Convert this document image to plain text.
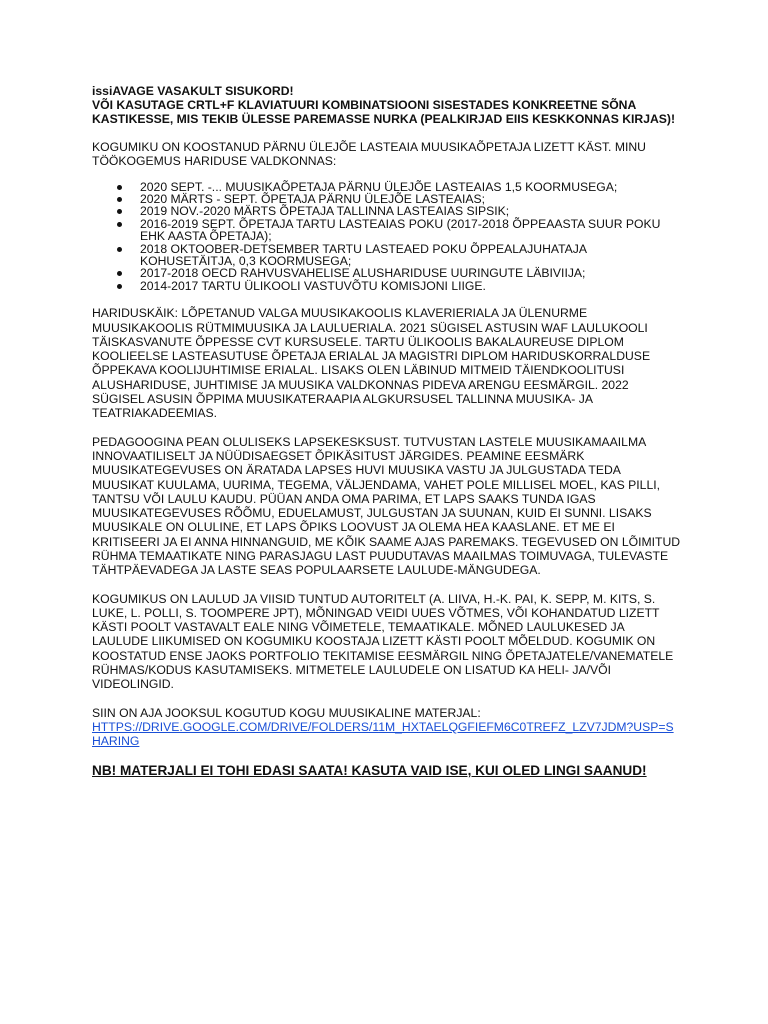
issiAVAGE VASAKULT SISUKORD!

VÕI KASUTAGE CRTL+F KLAVIATUURI KOMBINATSIOONI SISESTADES KONKREETNE SÕNA KASTIKESSE, MIS TEKIB ÜLESSE PAREMASSE NURKA (PEALKIRJAD EIIS KESKKONNAS KIRJAS)!

KOGUMIKU ON KOOSTANUD PÄRNU ÜLEJÕE LASTEAIA MUUSIKAÕPETAJA LIZETT KÄST. MINU TÖÖKOGEMUS HARIDUSE VALDKONNAS:

2020 SEPT. -... MUUSIKAÕPETAJA PÄRNU ÜLEJÕE LASTEAIAS 1,5 KOORMUSEGA;
2020 MÄRTS - SEPT. ÕPETAJA PÄRNU ÜLEJÕE LASTEAIAS;
2019 NOV.-2020 MÄRTS ÕPETAJA TALLINNA LASTEAIAS SIPSIK;
2016-2019 SEPT. ÕPETAJA TARTU LASTEAIAS POKU (2017-2018 ÕPPEAASTA SUUR POKU EHK AASTA ÕPETAJA);
2018 OKTOOBER-DETSEMBER TARTU LASTEAED POKU ÕPPEALAJUHATAJA KOHUSETÄITJA, 0,3 KOORMUSEGA;
2017-2018 OECD RAHVUSVAHELISE ALUSHARIDUSE UURINGUTE LÄBIVIIJA;
2014-2017 TARTU ÜLIKOOLI VASTUVÕTU KOMISJONI LIIGE.

HARIDUSKÄIK: LÕPETANUD VALGA MUUSIKAKOOLIS KLAVERIERIALA JA ÜLENURME MUUSIKAKOOLIS RÜTMIMUUSIKA JA LAULUERIALA. 2021 SÜGISEL ASTUSIN WAF LAULUKOOLI TÄISKASVANUTE ÕPPESSE CVT KURSUSELE. TARTU ÜLIKOOLIS BAKALAUREUSE DIPLOM KOOLIEELSE LASTEASUTUSE ÕPETAJA ERIALAL JA MAGISTRI DIPLOM HARIDUSKORRALDUSE ÕPPEKAVA KOOLIJUHTIMISE ERIALAL. LISAKS OLEN LÄBINUD MITMEID TÄIENDKOOLITUSI ALUSHARIDUSE, JUHTIMISE JA MUUSIKA VALDKONNAS PIDEVA ARENGU EESMÄRGIL. 2022 SÜGISEL ASUSIN ÕPPIMA MUUSIKATERAAPIA ALGKURSUSEL TALLINNA MUUSIKA- JA TEATRIAKADEEMIAS.

PEDAGOOGINA PEAN OLULISEKS LAPSEKESKSUST. TUTVUSTAN LASTELE MUUSIKAMAAILMA INNOVAATILISELT JA NÜÜDISAEGSET ÕPIKÄSITUST JÄRGIDES. PEAMINE EESMÄRK MUUSIKATEGEVUSES ON ÄRATADA LAPSES HUVI MUUSIKA VASTU JA JULGUSTADA TEDA MUUSIKAT KUULAMA, UURIMA, TEGEMA, VÄLJENDAMA, VAHET POLE MILLISEL MOEL, KAS PILLI, TANTSU VÕI LAULU KAUDU. PÜÜAN ANDA OMA PARIMA, ET LAPS SAAKS TUNDA IGAS MUUSIKATEGEVUSES RÕÕMU, EDUELAMUST, JULGUSTAN JA SUUNAN, KUID EI SUNNI. LISAKS MUUSIKALE ON OLULINE, ET LAPS ÕPIKS LOOVUST JA OLEMA HEA KAASLANE. ET ME EI KRITISEERI JA EI ANNA HINNANGUID, ME KÕIK SAAME AJAS PAREMAKS. TEGEVUSED ON LÕIMITUD RÜHMA TEMAATIKATE NING PARASJAGU LAST PUUDUTAVAS MAAILMAS TOIMUVAGA, TULEVASTE TÄHTPÄEVADEGA JA LASTE SEAS POPULAARSETE LAULUDE-MÄNGUDEGA.

KOGUMIKUS ON LAULUD JA VIISID TUNTUD AUTORITELT (A. LIIVA, H.-K. PAI, K. SEPP, M. KITS, S. LUKE, L. POLLI, S. TOOMPERE JPT), MÕNINGAD VEIDI UUES VÕTMES, VÕI KOHANDATUD LIZETT KÄSTI POOLT VASTAVALT EALE NING VÕIMETELE, TEMAATIKALE. MÕNED LAULUKESED JA LAULUDE LIIKUMISED ON KOGUMIKU KOOSTAJA LIZETT KÄSTI POOLT MÕELDUD. KOGUMIK ON KOOSTATUD ENSE JAOKS PORTFOLIO TEKITAMISE EESMÄRGIL NING ÕPETAJATELE/VANEMATELE RÜHMAS/KODUS KASUTAMISEKS. MITMETELE LAULUDELE ON LISATUD KA HELI- JA/VÕI VIDEOLINGID.

SIIN ON AJA JOOKSUL KOGUTUD KOGU MUUSIKALINE MATERJAL:

HTTPS://DRIVE.GOOGLE.COM/DRIVE/FOLDERS/11M_HXTAELQGFIEFM6C0TREFZ_LZV7JDM?USP=SHARING

NB! MATERJALI EI TOHI EDASI SAATA! KASUTA VAID ISE, KUI OLED LINGI SAANUD!
